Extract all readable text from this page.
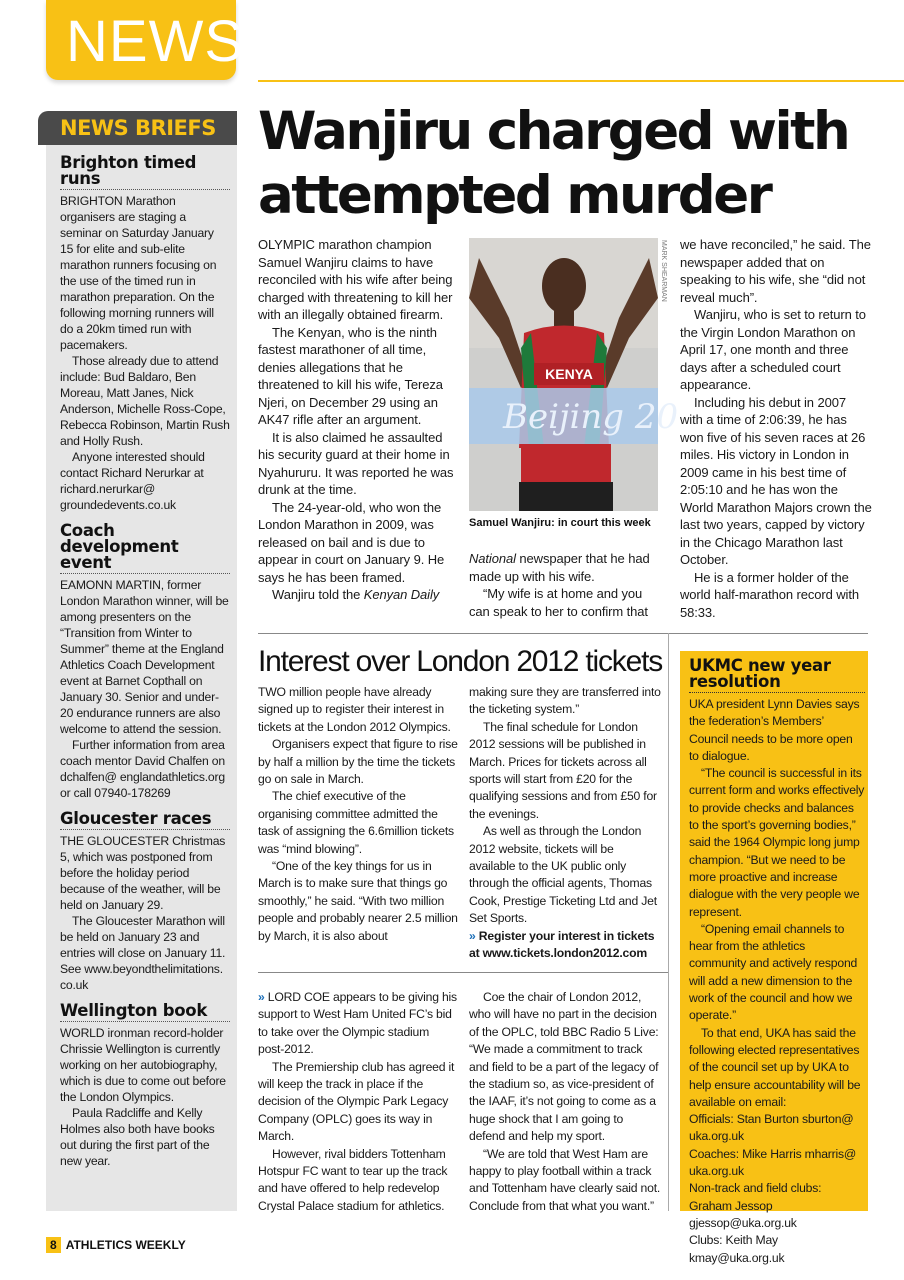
NEWS
NEWS BRIEFS
Brighton timed runs

BRIGHTON Marathon organisers are staging a seminar on Saturday January 15 for elite and sub-elite marathon runners focusing on the use of the timed run in marathon preparation. On the following morning runners will do a 20km timed run with pacemakers.

Those already due to attend include: Bud Baldaro, Ben Moreau, Matt Janes, Nick Anderson, Michelle Ross-Cope, Rebecca Robinson, Martin Rush and Holly Rush.

Anyone interested should contact Richard Nerurkar at richard.nerurkar@ groundedevents.co.uk

Coach development event

EAMONN MARTIN, former London Marathon winner, will be among presenters on the “Transition from Winter to Summer” theme at the England Athletics Coach Development event at Barnet Copthall on January 30. Senior and under-20 endurance runners are also welcome to attend the session.

Further information from area coach mentor David Chalfen on dchalfen@ englandathletics.org or call 07940-178269

Gloucester races

THE GLOUCESTER Christmas 5, which was postponed from before the holiday period because of the weather, will be held on January 29.

The Gloucester Marathon will be held on January 23 and entries will close on January 11. See www.beyondthelimitations. co.uk

Wellington book

WORLD ironman record-holder Chrissie Wellington is currently working on her autobiography, which is due to come out before the London Olympics.

Paula Radcliffe and Kelly Holmes also both have books out during the first part of the new year.

Wanjiru charged with attempted murder

OLYMPIC marathon champion Samuel Wanjiru claims to have reconciled with his wife after being charged with threatening to kill her with an illegally obtained firearm.

The Kenyan, who is the ninth fastest marathoner of all time, denies allegations that he threatened to kill his wife, Tereza Njeri, on December 29 using an AK47 rifle after an argument.

It is also claimed he assaulted his security guard at their home in Nyahururu. It was reported he was drunk at the time.

The 24-year-old, who won the London Marathon in 2009, was released on bail and is due to appear in court on January 9. He says he has been framed.

Wanjiru told the Kenyan Daily

KENYA
Beijing 20
MARK SHEARMAN
Samuel Wanjiru: in court this week

National newspaper that he had made up with his wife.

“My wife is at home and you can speak to her to confirm that

we have reconciled,” he said. The newspaper added that on speaking to his wife, she “did not reveal much”.

Wanjiru, who is set to return to the Virgin London Marathon on April 17, one month and three days after a scheduled court appearance.

Including his debut in 2007 with a time of 2:06:39, he has won five of his seven races at 26 miles. His victory in London in 2009 came in his best time of 2:05:10 and he has won the World Marathon Majors crown the last two years, capped by victory in the Chicago Marathon last October.

He is a former holder of the world half-marathon record with 58:33.

Interest over London 2012 tickets

TWO million people have already signed up to register their interest in tickets at the London 2012 Olympics.

Organisers expect that figure to rise by half a million by the time the tickets go on sale in March.

The chief executive of the organising committee admitted the task of assigning the 6.6million tickets was “mind blowing”.

“One of the key things for us in March is to make sure that things go smoothly,” he said. “With two million people and probably nearer 2.5 million by March, it is also about

making sure they are transferred into the ticketing system.”

The final schedule for London 2012 sessions will be published in March. Prices for tickets across all sports will start from £20 for the qualifying sessions and from £50 for the evenings.

As well as through the London 2012 website, tickets will be available to the UK public only through the official agents, Thomas Cook, Prestige Ticketing Ltd and Jet Set Sports.

» Register your interest in tickets at www.tickets.london2012.com

» LORD COE appears to be giving his support to West Ham United FC’s bid to take over the Olympic stadium post-2012.

The Premiership club has agreed it will keep the track in place if the decision of the Olympic Park Legacy Company (OPLC) goes its way in March.

However, rival bidders Tottenham Hotspur FC want to tear up the track and have offered to help redevelop Crystal Palace stadium for athletics.

Coe the chair of London 2012, who will have no part in the decision of the OPLC, told BBC Radio 5 Live: “We made a commitment to track and field to be a part of the legacy of the stadium so, as vice-president of the IAAF, it’s not going to come as a huge shock that I am going to defend and help my sport.

“We are told that West Ham are happy to play football within a track and Tottenham have clearly said not. Conclude from that what you want.”

UKMC new year resolution

UKA president Lynn Davies says the federation’s Members’ Council needs to be more open to dialogue.

“The council is successful in its current form and works effectively to provide checks and balances to the sport’s governing bodies,” said the 1964 Olympic long jump champion. “But we need to be more proactive and increase dialogue with the very people we represent.

“Opening email channels to hear from the athletics community and actively respond will add a new dimension to the work of the council and how we operate.”

To that end, UKA has said the following elected representatives of the council set up by UKA to help ensure accountability will be available on email:

Officials: Stan Burton sburton@ uka.org.uk

Coaches: Mike Harris mharris@ uka.org.uk

Non-track and field clubs: Graham Jessop gjessop@uka.org.uk

Clubs: Keith May kmay@uka.org.uk

8 ATHLETICS WEEKLY
